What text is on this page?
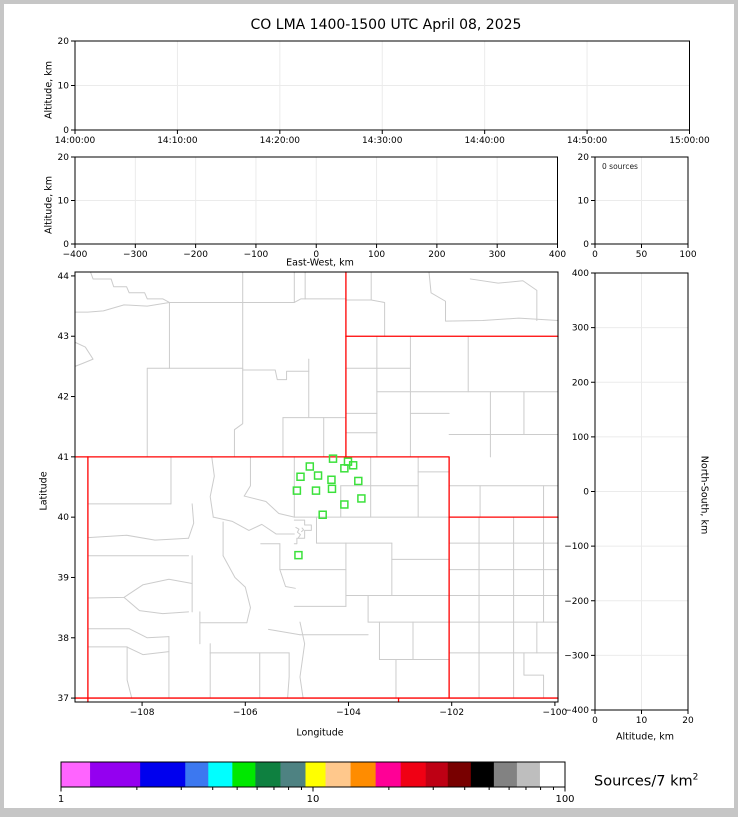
14:00:00	14:10:00	14:20:00	14:30:00	14:40:00	14:50:00	15:00:00
0
10
20
−400	−300	−200	−100	0	100	200	300	400
0
10
20
0	50	100
0
10
20
−108	−106	−104	−102	−100
37
38
39
40
41
42
43
44
0	10	20
400
300
200
100
0
−100
−200
−300
−400
1	10	100
CO LMA 1400-1500 UTC April 08, 2025
Altitude, km
Altitude, km
East-West, km
0 sources
Latitude
Longitude	Altitude, km
North-South, km
Sources/7 $km^2$
